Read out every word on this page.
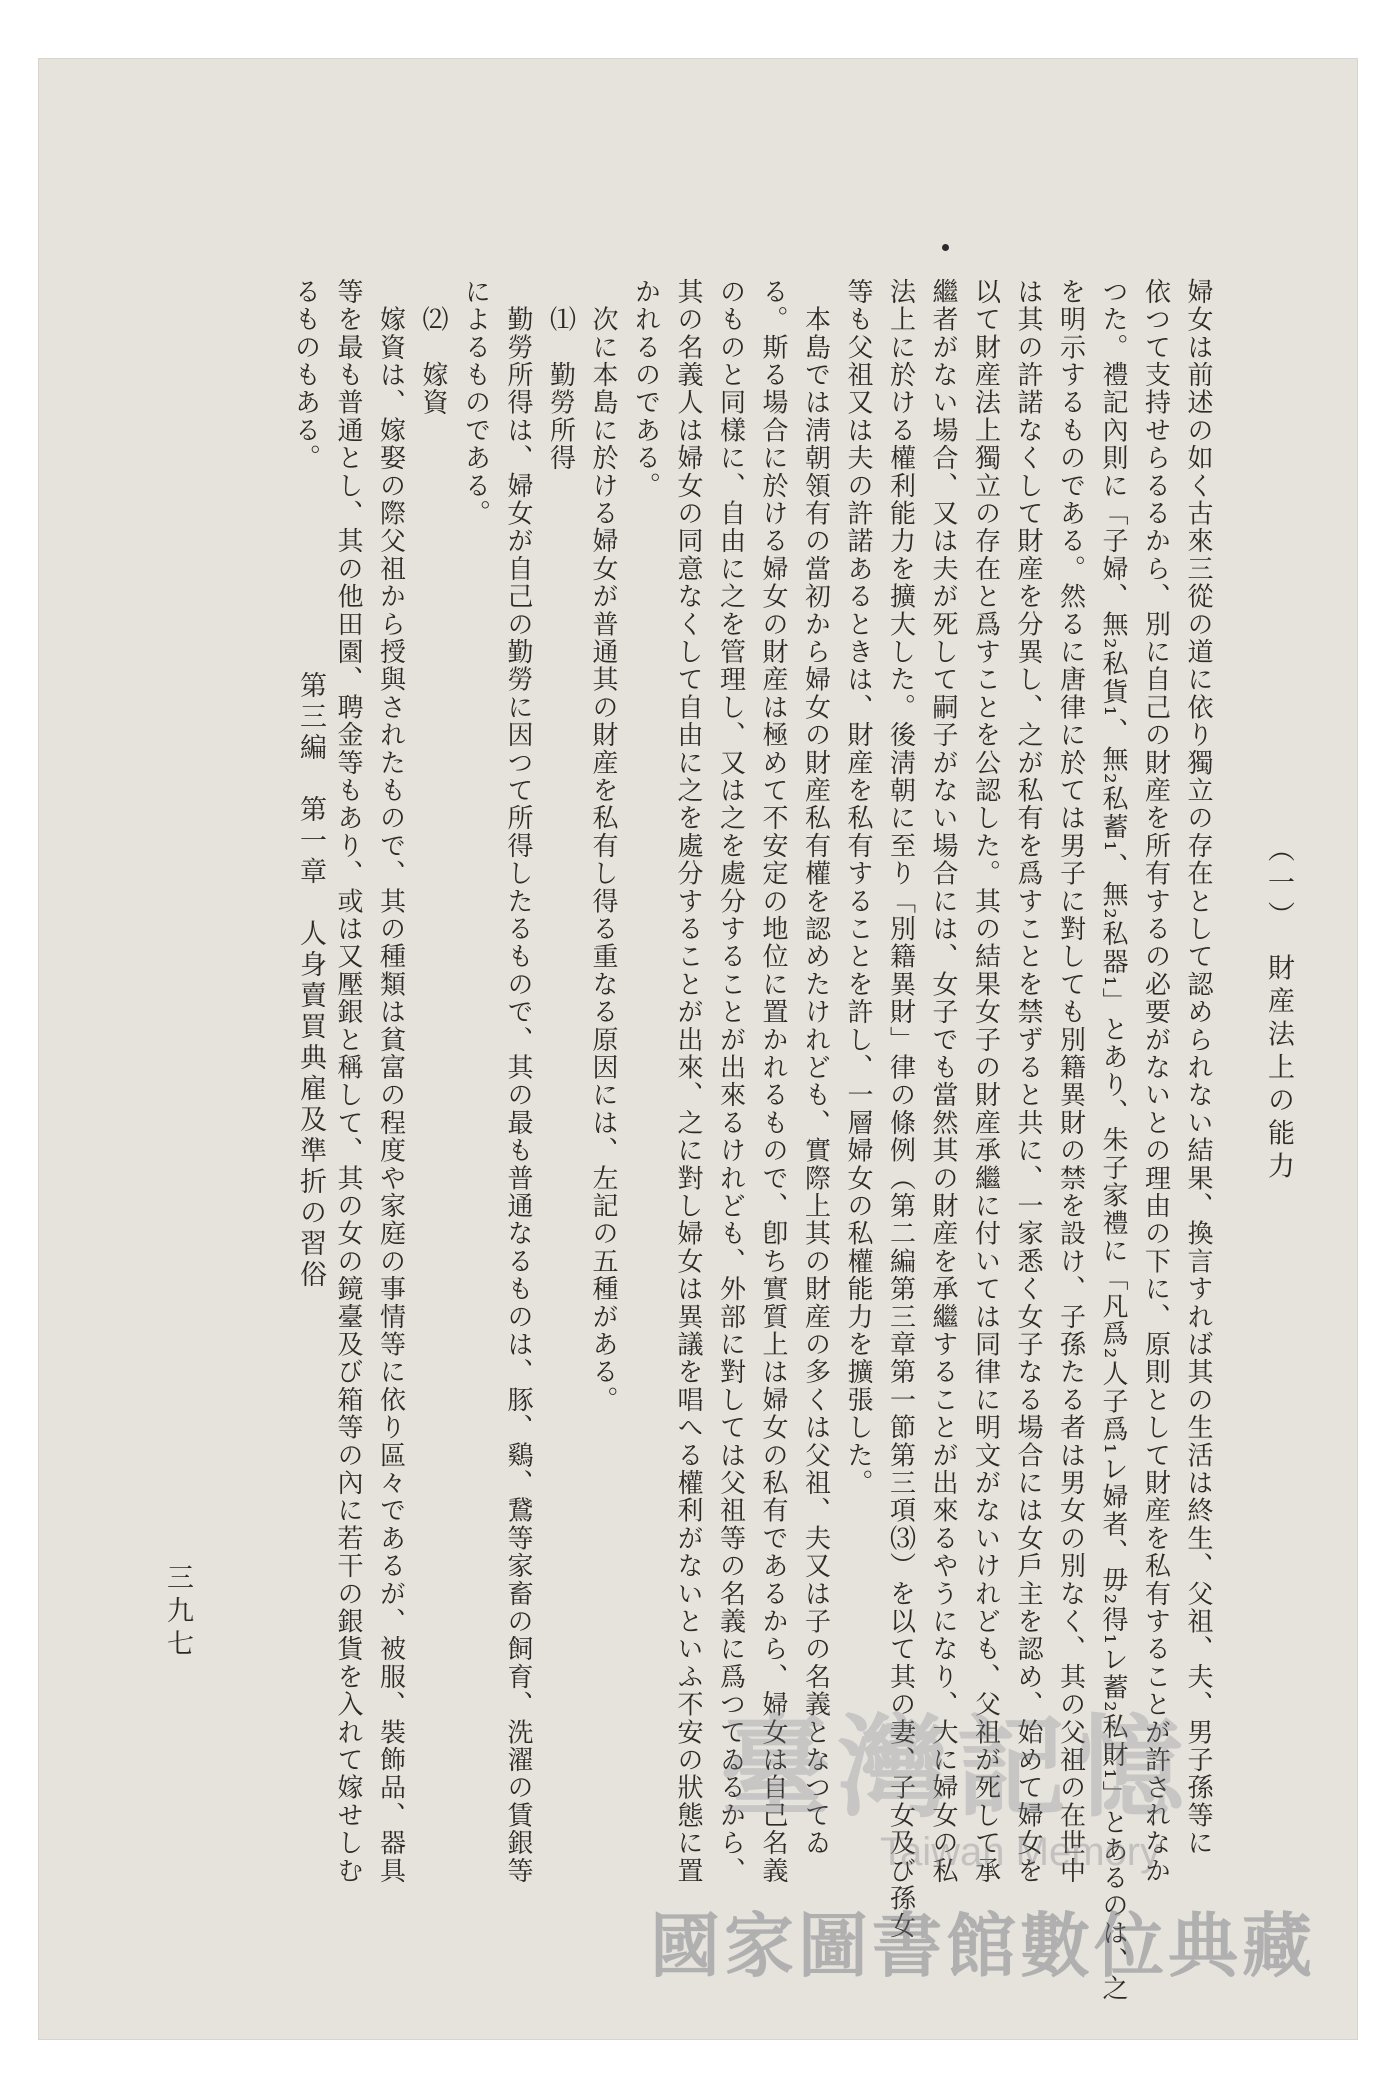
（一）　財産法上の能力
婦女は前述の如く古來三從の道に依り獨立の存在として認められない結果、換言すれば其の生活は終生、父祖、夫、男子孫等に
依つて支持せらるるから、別に自己の財産を所有するの必要がないとの理由の下に、原則として財産を私有することが許されなか
つた。禮記內則に「子婦、無₂私貨₁、無₂私蓄₁、無₂私器₁」とあり、朱子家禮に「凡爲₂人子爲₁レ婦者、毋₂得₁レ蓄₂私財₁」とあるのは、之
を明示するものである。然るに唐律に於ては男子に對しても別籍異財の禁を設け、子孫たる者は男女の別なく、其の父祖の在世中
は其の許諾なくして財産を分異し、之が私有を爲すことを禁ずると共に、一家悉く女子なる場合には女戶主を認め、始めて婦女を
以て財産法上獨立の存在と爲すことを公認した。其の結果女子の財産承繼に付いては同律に明文がないけれども、父祖が死して承
繼者がない場合、又は夫が死して嗣子がない場合には、女子でも當然其の財産を承繼することが出來るやうになり、大に婦女の私
法上に於ける權利能力を擴大した。後淸朝に至り「別籍異財」律の條例（第二編第三章第一節第三項⑶）を以て其の妻、子女及び孫女
等も父祖又は夫の許諾あるときは、財産を私有することを許し、一層婦女の私權能力を擴張した。
　本島では淸朝領有の當初から婦女の財産私有權を認めたけれども、實際上其の財産の多くは父祖、夫又は子の名義となつてゐ
る。斯る場合に於ける婦女の財産は極めて不安定の地位に置かれるもので、卽ち實質上は婦女の私有であるから、婦女は自己名義
のものと同樣に、自由に之を管理し、又は之を處分することが出來るけれども、外部に對しては父祖等の名義に爲つてゐるから、
其の名義人は婦女の同意なくして自由に之を處分することが出來、之に對し婦女は異議を唱へる權利がないといふ不安の狀態に置
かれるのである。
　次に本島に於ける婦女が普通其の財産を私有し得る重なる原因には、左記の五種がある。
　⑴　勤勞所得
　勤勞所得は、婦女が自己の勤勞に因つて所得したるもので、其の最も普通なるものは、豚、鷄、鵞等家畜の飼育、洗濯の賃銀等
によるものである。
　⑵　嫁資
　嫁資は、嫁娶の際父祖から授與されたもので、其の種類は貧富の程度や家庭の事情等に依り區々であるが、被服、裝飾品、器具
等を最も普通とし、其の他田園、聘金等もあり、或は又壓銀と稱して、其の女の鏡臺及び箱等の內に若干の銀貨を入れて嫁せしむ
るものもある。
第三編　第一章　人身賣買典雇及準折の習俗
三九七
臺灣記憶
Taiwan Memory
國家圖書館數位典藏
